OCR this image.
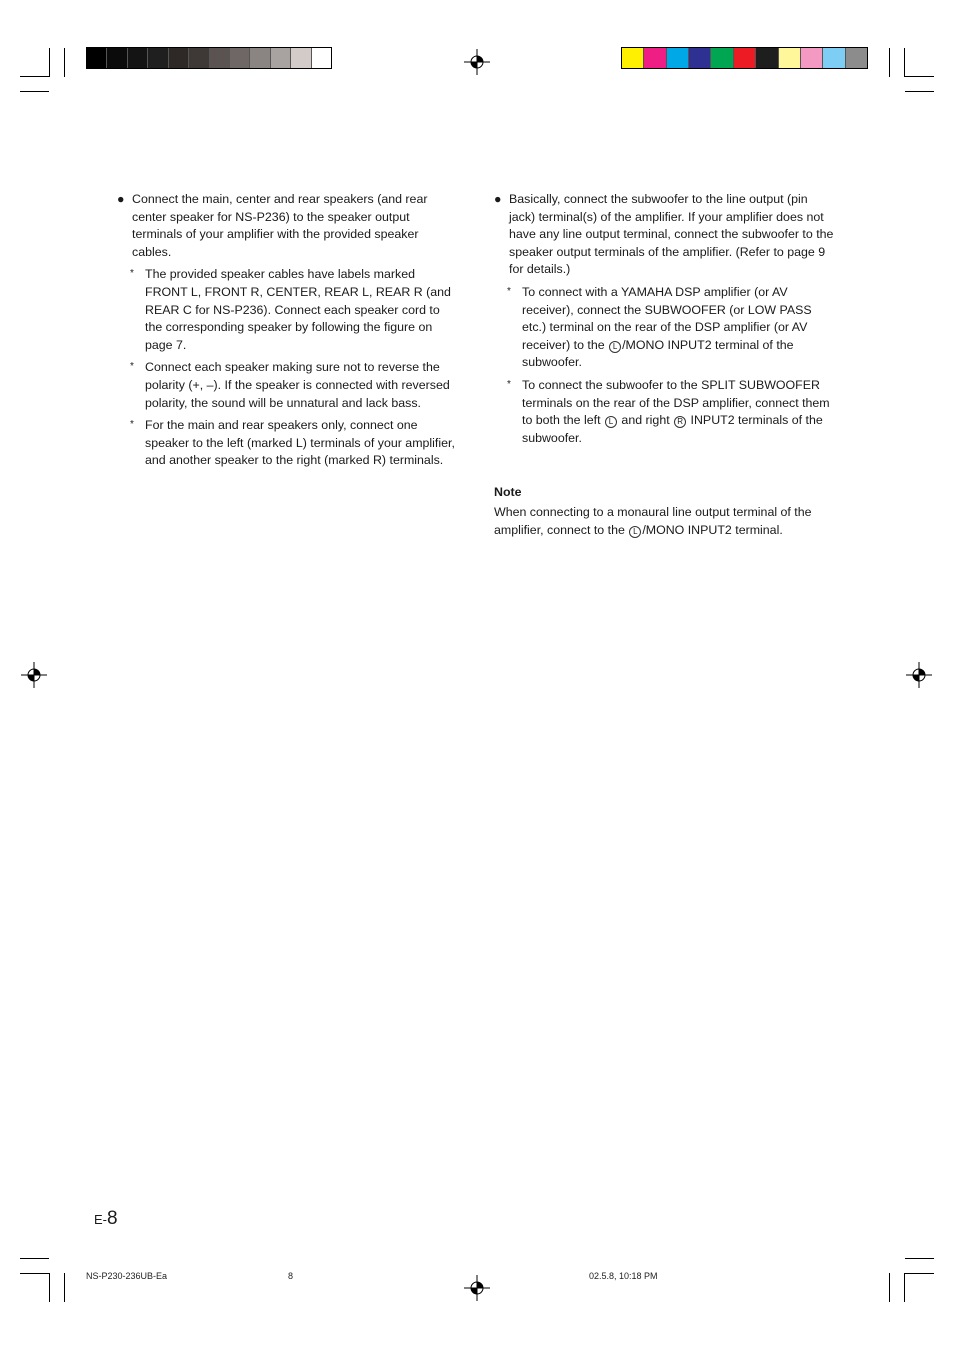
● Connect the main, center and rear speakers (and rear center speaker for NS-P236) to the speaker output terminals of your amplifier with the provided speaker cables.
* The provided speaker cables have labels marked FRONT L, FRONT R, CENTER, REAR L, REAR R (and REAR C for NS-P236). Connect each speaker cord to the corresponding speaker by following the figure on page 7.
* Connect each speaker making sure not to reverse the polarity (+, –). If the speaker is connected with reversed polarity, the sound will be unnatural and lack bass.
* For the main and rear speakers only, connect one speaker to the left (marked L) terminals of your amplifier, and another speaker to the right (marked R) terminals.
● Basically, connect the subwoofer to the line output (pin jack) terminal(s) of the amplifier. If your amplifier does not have any line output terminal, connect the subwoofer to the speaker output terminals of the amplifier. (Refer to page 9 for details.)
* To connect with a YAMAHA DSP amplifier (or AV receiver), connect the SUBWOOFER (or LOW PASS etc.) terminal on the rear of the DSP amplifier (or AV receiver) to the L /MONO INPUT2 terminal of the subwoofer.
* To connect the subwoofer to the SPLIT SUBWOOFER terminals on the rear of the DSP amplifier, connect them to both the left L and right R INPUT2 terminals of the subwoofer.
Note
When connecting to a monaural line output terminal of the amplifier, connect to the L /MONO INPUT2 terminal.
E-8
NS-P230-236UB-Ea	8	02.5.8, 10:18 PM
